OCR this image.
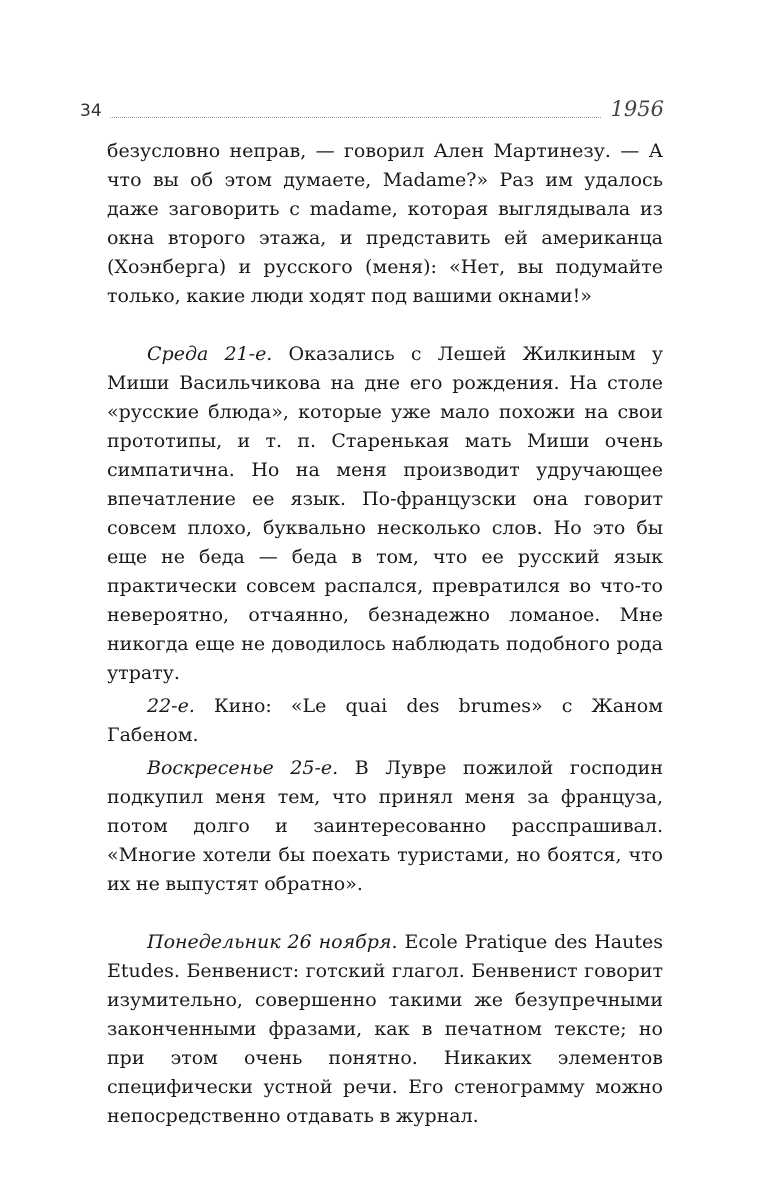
34	1956

безусловно неправ, — говорил Ален Мартинезу. — А что вы об этом думаете, Madame?» Раз им удалось даже заговорить с madame, которая выглядывала из окна второго этажа, и представить ей американца (Хоэнберга) и русского (меня): «Нет, вы подумайте только, какие люди ходят под вашими окнами!»

Среда 21-е. Оказались с Лешей Жилкиным у Миши Васильчикова на дне его рождения. На столе «русские блюда», которые уже мало похожи на свои прототипы, и т. п. Старенькая мать Миши очень симпатична. Но на меня производит удручающее впечатление ее язык. По-французски она говорит совсем плохо, буквально несколько слов. Но это бы еще не беда — беда в том, что ее русский язык практически совсем распался, превратился во что-то невероятно, отчаянно, безнадежно ломаное. Мне никогда еще не доводилось наблюдать подобного рода утрату.

22-е. Кино: «Le quai des brumes» с Жаном Габеном.

Воскресенье 25-е. В Лувре пожилой господин подкупил меня тем, что принял меня за француза, потом долго и заинтересованно расспрашивал. «Многие хотели бы поехать туристами, но боятся, что их не выпустят обратно».

Понедельник 26 ноября. Ecole Pratique des Hautes Etudes. Бенвенист: готский глагол. Бенвенист говорит изумительно, совершенно такими же безупречными законченными фразами, как в печатном тексте; но при этом очень понятно. Никаких элементов специфически устной речи. Его стенограмму можно непосредственно отдавать в журнал.
